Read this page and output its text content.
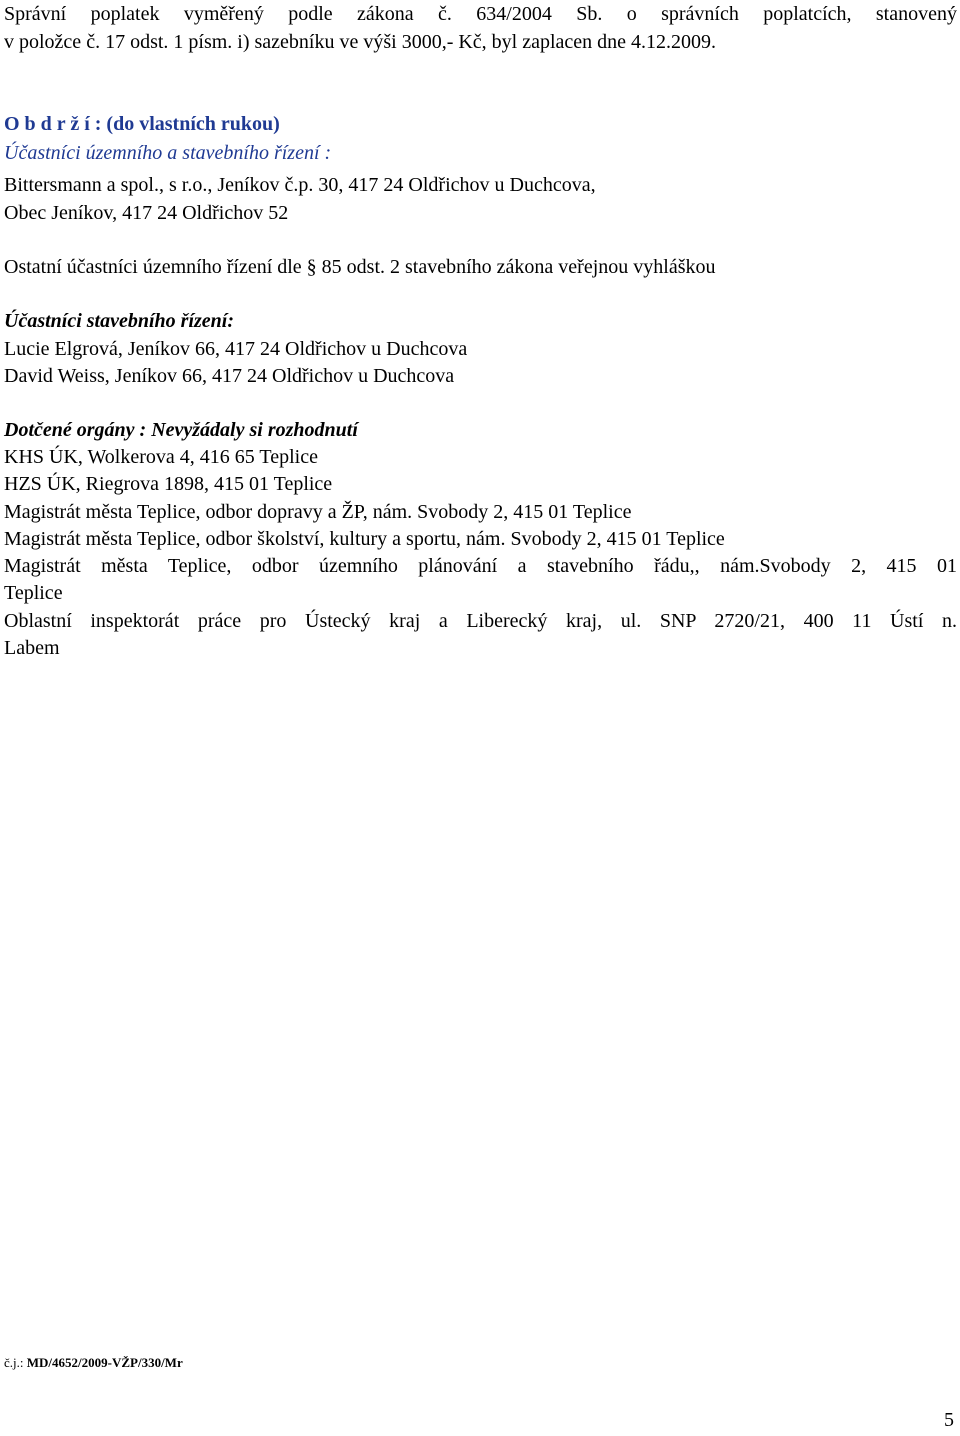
Správní poplatek vyměřený podle zákona č. 634/2004 Sb. o správních poplatcích, stanovený
v položce č. 17 odst. 1 písm. i) sazebníku ve výši 3000,- Kč, byl zaplacen dne 4.12.2009.
O b d r ž í : (do vlastních rukou)
Účastníci územního a stavebního řízení :
Bittersmann a spol., s r.o., Jeníkov č.p. 30, 417 24 Oldřichov u Duchcova,
Obec Jeníkov, 417 24 Oldřichov 52
Ostatní účastníci územního řízení dle § 85 odst. 2 stavebního zákona veřejnou vyhláškou
Účastníci stavebního řízení:
Lucie Elgrová, Jeníkov 66, 417 24 Oldřichov u Duchcova
David Weiss, Jeníkov 66, 417 24 Oldřichov u Duchcova
Dotčené orgány : Nevyžádaly si rozhodnutí
KHS ÚK, Wolkerova 4, 416 65 Teplice
HZS ÚK, Riegrova 1898, 415 01 Teplice
Magistrát města Teplice, odbor dopravy a ŽP, nám. Svobody 2, 415 01 Teplice
Magistrát města Teplice, odbor školství, kultury a sportu, nám. Svobody 2, 415 01 Teplice
Magistrát města Teplice, odbor územního plánování a stavebního řádu,, nám.Svobody 2, 415 01
Teplice
Oblastní inspektorát práce pro Ústecký kraj a Liberecký kraj, ul. SNP 2720/21, 400 11 Ústí n.
Labem
č.j.: MD/4652/2009-VŽP/330/Mr
5
